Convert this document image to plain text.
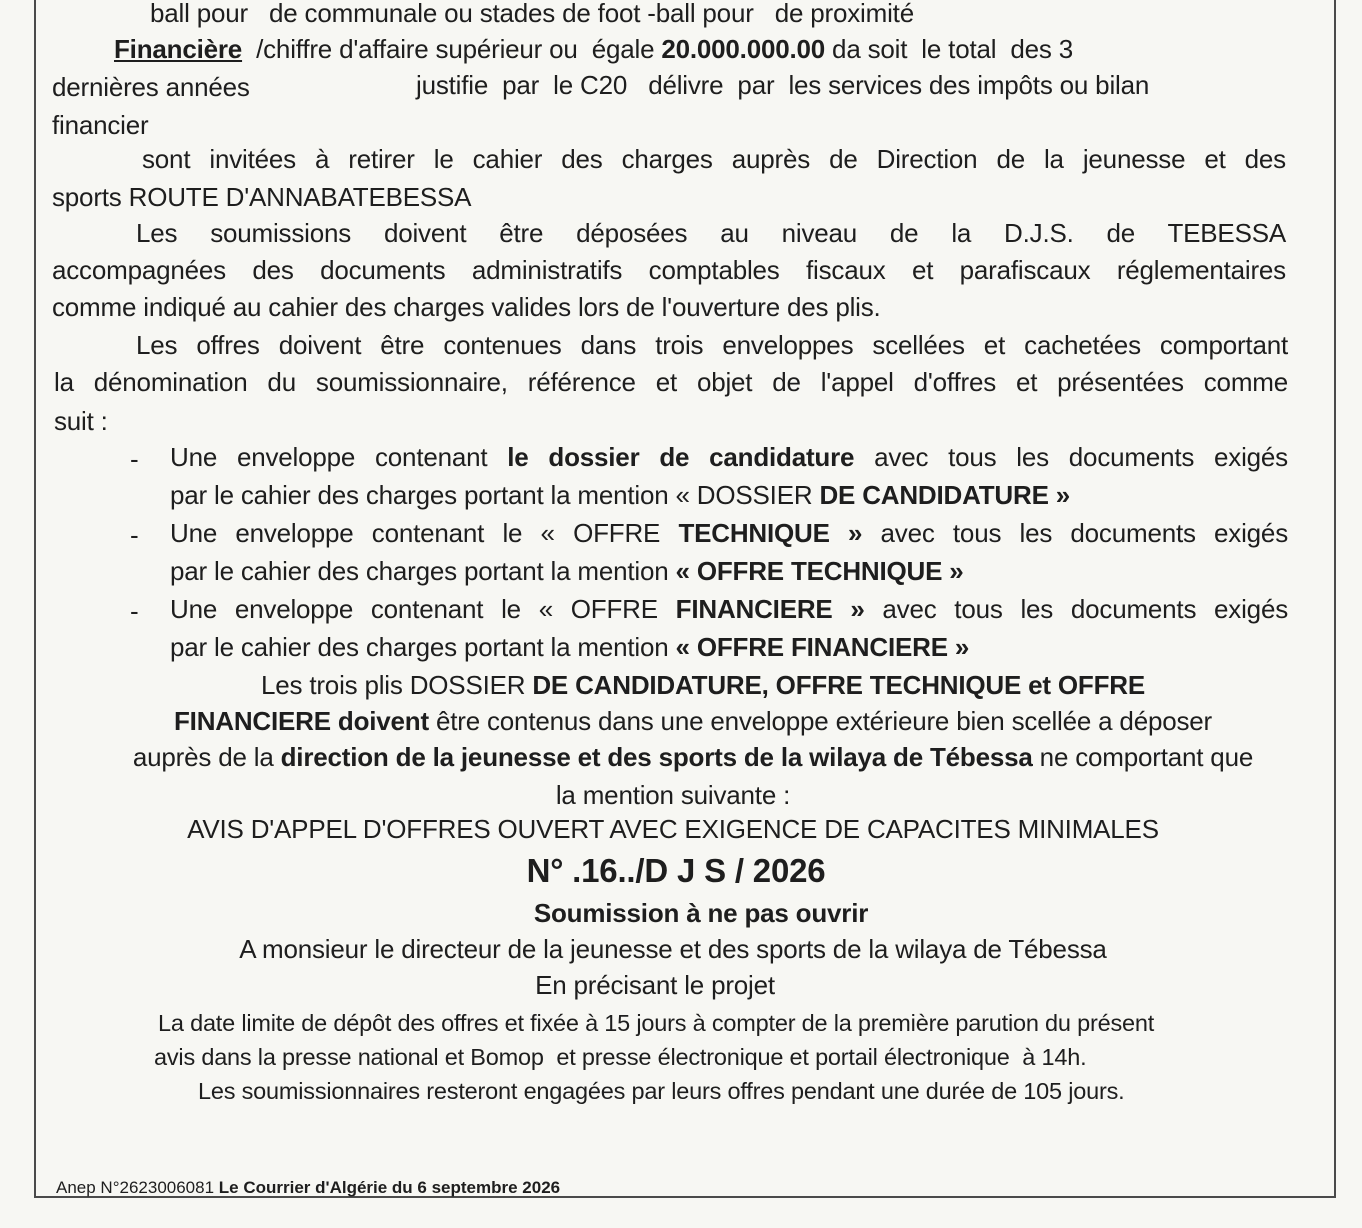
ball pour   de communale ou stades de foot -ball pour   de proximité
Financière  /chiffre d'affaire supérieur ou  égale 20.000.000.00 da soit  le total  des 3
dernières années	justifie  par  le C20   délivre  par  les services des impôts ou bilan
financier
sont invitées à retirer le cahier des charges auprès de Direction de la jeunesse et des
sports ROUTE D'ANNABATEBESSA
Les soumissions doivent être déposées au niveau de la D.J.S. de TEBESSA
accompagnées des documents administratifs comptables fiscaux et parafiscaux réglementaires
comme indiqué au cahier des charges valides lors de l'ouverture des plis.
Les offres doivent être contenues dans trois enveloppes scellées et cachetées comportant
la dénomination du soumissionnaire, référence et objet de l'appel d'offres et présentées comme
suit :
- Une enveloppe contenant le dossier de candidature avec tous les documents exigés
par le cahier des charges portant la mention « DOSSIER DE CANDIDATURE »
- Une enveloppe contenant le « OFFRE TECHNIQUE » avec tous les documents exigés
par le cahier des charges portant la mention « OFFRE TECHNIQUE »
- Une enveloppe contenant le « OFFRE FINANCIERE » avec tous les documents exigés
par le cahier des charges portant la mention « OFFRE FINANCIERE »
Les trois plis DOSSIER DE CANDIDATURE, OFFRE TECHNIQUE et OFFRE
FINANCIERE doivent être contenus dans une enveloppe extérieure bien scellée a déposer
auprès de la direction de la jeunesse et des sports de la wilaya de Tébessa ne comportant que
la mention suivante :
AVIS D'APPEL D'OFFRES OUVERT AVEC EXIGENCE DE CAPACITES MINIMALES
N° .16../D J S / 2026
Soumission à ne pas ouvrir
A monsieur le directeur de la jeunesse et des sports de la wilaya de Tébessa
En précisant le projet
La date limite de dépôt des offres et fixée à 15 jours à compter de la première parution du présent
avis dans la presse national et Bomop  et presse électronique et portail électronique  à 14h.
Les soumissionnaires resteront engagées par leurs offres pendant une durée de 105 jours.
Anep N°2623006081 Le Courrier d'Algérie du 6 septembre 2026
